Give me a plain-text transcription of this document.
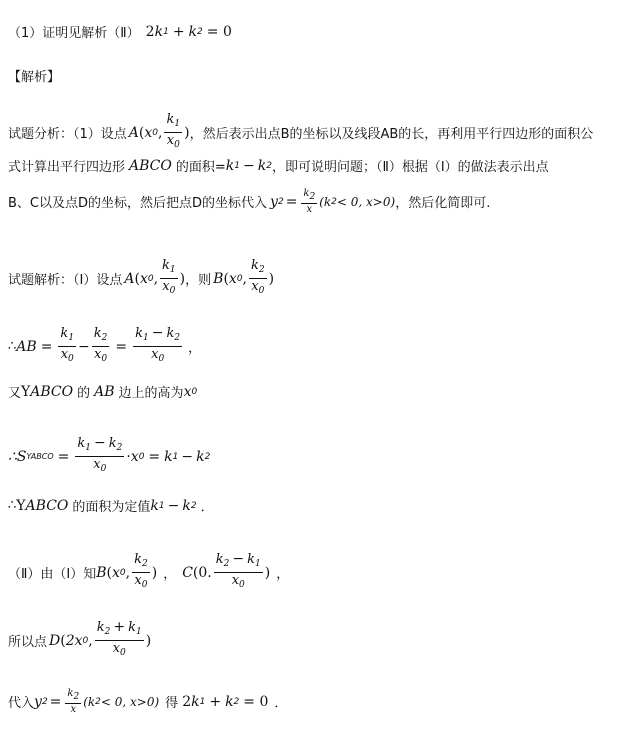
（1）证明见解析（Ⅱ） 2 k 1 + k 2 = 0
【解析】
试题分析：（1）设点 A ( x 0 , $\frac{k_1}{x_0}$ ) ，然后表示出点B的坐标以及线段AB的长，再利用平行四边形的面积公
式计算出平行四边形 ABCO 的面积= k 1 − k 2 ，即可说明问题；（Ⅱ）根据（Ⅰ）的做法表示出点
B、C以及点D的坐标，然后把点D的坐标代入 y $2 = \frac{k2}{x} (k$ 2 < 0, x>0) ，然后化简即可.
试题解析：（Ⅰ）设点 A ( x 0 , $\frac{k_1}{x_0}$ ) ，则 B ( x 0 , $\frac{k_2}{x_0}$ )
∴ AB = $\frac{k_1}{x_0} - \frac{k_2}{x_0} = \frac{k_1 - k_2}{x_0}$ ，
又 Y ABCO 的 AB 边上的高为 x 0
∴S YABCO = $\frac{k_1 - k_2}{x_0} \cdot x$ 0 = k 1 − k 2
∴ Y ABCO 的面积为定值 k 1 − k 2 ．
（Ⅱ）由（Ⅰ）知 B ( x 0 , $\frac{k_2}{x_0}$ ) ， C (0. $\frac{k_2 - k_1}{x_0}$ ) ，
所以点 D ( 2x 0 , $\frac{k_2 + k_1}{x_0}$ )
代入 y $2 = \frac{k2}{x} (k$ 2 < 0, x>0) 得 2 k 1 + k 2 = 0 ．
